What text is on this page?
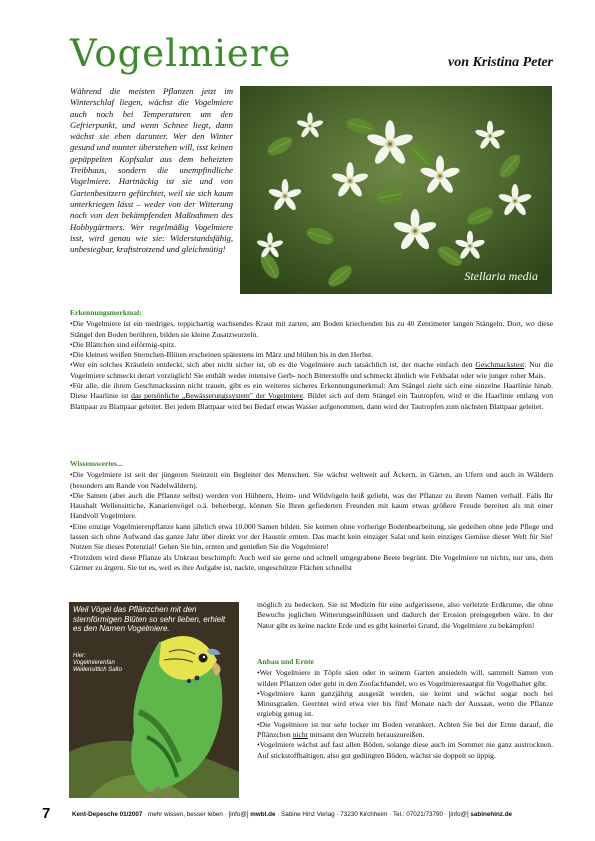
Vogelmiere	von Kristina Peter

Während die meisten Pflanzen jetzt im Winterschlaf liegen, wächst die Vogelmiere auch noch bei Temperaturen um den Gefrierpunkt, und wenn Schnee liegt, dann wächst sie eben darunter. Wer den Winter gesund und munter überstehen will, isst keinen gepäppelten Kopfsalat aus dem beheizten Treibhaus, sondern die unempfindliche Vogelmiere. Hartnäckig ist sie und von Gartenbesitzern gefürchtet, weil sie sich kaum unterkriegen lässt – weder von der Witterung noch von den bekämpfenden Maßnahmen des Hobbygärtners. Wer regelmäßig Vogelmiere isst, wird genau wie sie: Widerstandsfähig, unbesiegbar, kraftstrotzend und gleichmütig!

Stellaria media
Erkennungsmerkmal:

•Die Vogelmiere ist ein niedriges, teppichartig wachsendes Kraut mit zarten, am Boden kriechenden bis zu 40 Zentimeter langen Stängeln. Dort, wo diese Stängel den Boden berühren, bilden sie kleine Zusatzwurzeln.

•Die Blättchen sind eiförmig-spitz.

•Die kleinen weißen Sternchen-Blüten erscheinen spätestens im März und blühen bis in den Herbst.

•Wer ein solches Kräutlein entdeckt, sich aber nicht sicher ist, ob es die Vogelmiere auch tatsächlich ist, der mache einfach den Geschmackstest: Nur die Vogelmiere schmeckt derart vorzüglich! Sie enthält weder intensive Gerb- noch Bitterstoffe und schmeckt ähnlich wie Feldsalat oder wie junger roher Mais.

•Für alle, die ihrem Geschmackssinn nicht trauen, gibt es ein weiteres sicheres Erkennungsmerkmal: Am Stängel zieht sich eine einzelne Haarlinie hinab. Diese Haarlinie ist das persönliche „Bewässerungssystem" der Vogelmiere. Bildet sich auf dem Stängel ein Tautropfen, wird er die Haarlinie entlang von Blattpaar zu Blattpaar geleitet. Bei jedem Blattpaar wird bei Bedarf etwas Wasser aufgenommen, dann wird der Tautropfen zum nächsten Blattpaar geleitet.

Wissenswertes...

•Die Vogelmiere ist seit der jüngeren Steinzeit ein Begleiter des Menschen. Sie wächst weltweit auf Äckern, in Gärten, an Ufern und auch in Wäldern (besonders am Rande von Nadelwäldern).

•Die Samen (aber auch die Pflanze selbst) werden von Hühnern, Heim- und Wildvögeln heiß geliebt, was der Pflanze zu ihrem Namen verhalf. Falls Ihr Haushalt Wellensittiche, Kanarienvögel o.ä. beherbergt, können Sie Ihren gefiederten Freunden mit kaum etwas größere Freude bereiten als mit einer Handvoll Vogelmiere.

•Eine einzige Vogelmierenpflanze kann jährlich etwa 10.000 Samen bilden. Sie keimen ohne vorherige Bodenbearbeitung, sie gedeihen ohne jede Pflege und lassen sich ohne Aufwand das ganze Jahr über direkt vor der Haustür ernten. Das macht kein einziger Salat und kein einziges Gemüse dieser Welt für Sie! Nutzen Sie dieses Potenzial! Gehen Sie hin, ernten und genießen Sie die Vogelmiere!

•Trotzdem wird diese Pflanze als Unkraut beschimpft: Auch weil sie gerne und schnell umgegrabene Beete begrünt. Die Vogelmiere tut nichts, nur uns, dem Gärtner zu ärgern. Sie tut es, weil es ihre Aufgabe ist, nackte, ungeschützte Flächen schnellst

Weil Vögel das Pflänzchen mit den sternförmigen Blüten so sehr lieben, erhielt es den Namen Vogelmiere.
Hier:
Vogelmierenfan
Wellensittich Salto

möglich zu bedecken. Sie ist Medizin für eine aufgerissene, also verletzte Erdkrume, die ohne Bewuchs jeglichen Witterungseinflüssen und dadurch der Erosion preisgegeben wäre. In der Natur gibt es keine nackte Erde und es gibt keinerlei Grund, die Vogelmiere zu bekämpfen!

Anbau und Ernte

•Wer Vogelmiere in Töpfe säen oder in seinem Garten ansiedeln will, sammelt Samen von wilden Pflanzen oder geht in den Zoofachhandel, wo es Vogelmieresaatgut für Vogelhalter gibt.

•Vogelmiere kann ganzjährig ausgesät werden, sie keimt und wächst sogar noch bei Minusgraden. Geerntet wird etwa vier bis fünf Monate nach der Aussaat, wenn die Pflanze ergiebig genug ist.

•Die Vogelmiere ist nur sehr locker im Boden verankert. Achten Sie bei der Ernte darauf, die Pflänzchen nicht mitsamt den Wurzeln herauszureißen.

•Vogelmiere wächst auf fast allen Böden, solange diese auch im Sommer nie ganz austrocknen. Auf stickstoffhaltigen, also gut gedüngten Böden, wächst sie doppelt so üppig.

7	Kent-Depesche 01/2007 · mehr wissen, besser leben · [info@] mwbl.de · Sabine Hinz Verlag · 73230 Kirchheim · Tel.: 07021/73790 · [info@] sabinehinz.de
